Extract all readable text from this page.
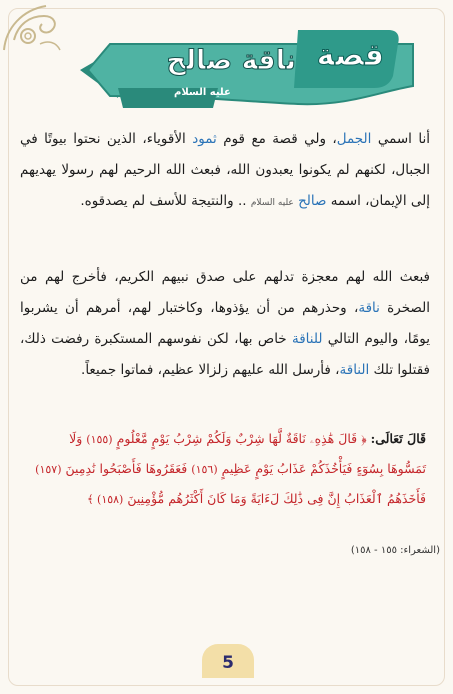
قصة
ناقة صالح
عليه السلام
أنا اسمي الجمل، ولي قصة مع قوم ثمود الأقوياء، الذين نحتوا بيوتًا في الجبال، لكنهم لم يكونوا يعبدون الله، فبعث الله الرحيم لهم رسولا يهديهم إلى الإيمان، اسمه صالح عليه السلام .. والنتيجة للأسف لم يصدقوه.
فبعث الله لهم معجزة تدلهم على صدق نبيهم الكريم، فأخرج لهم من الصخرة ناقة، وحذرهم من أن يؤذوها، وكاختبار لهم، أمرهم أن يشربوا يومًا، واليوم التالي للناقة خاص بها، لكن نفوسهم المستكبرة رفضت ذلك، فقتلوا تلك الناقة، فأرسل الله عليهم زلزالا عظيم، فماتوا جميعاً.
قَالَ تَعَالَى: ﴿ قَالَ هَٰذِهِۦ نَاقَةٌ لَّهَا شِرْبٌ وَلَكُمْ شِرْبُ يَوْمٍ مَّعْلُومٍ (١٥٥) وَلَا
تَمَسُّوهَا بِسُوٓءٍ فَيَأْخُذَكُمْ عَذَابُ يَوْمٍ عَظِيمٍ (١٥٦) فَعَقَرُوهَا فَأَصْبَحُوا نَٰدِمِينَ (١٥٧)
فَأَخَذَهُمُ ٱلْعَذَابُ إِنَّ فِى ذَٰلِكَ لَءَايَةً وَمَا كَانَ أَكْثَرُهُم مُّؤْمِنِينَ (١٥٨) ﴾
(الشعراء: ١٥٥ - ١٥٨)
5
